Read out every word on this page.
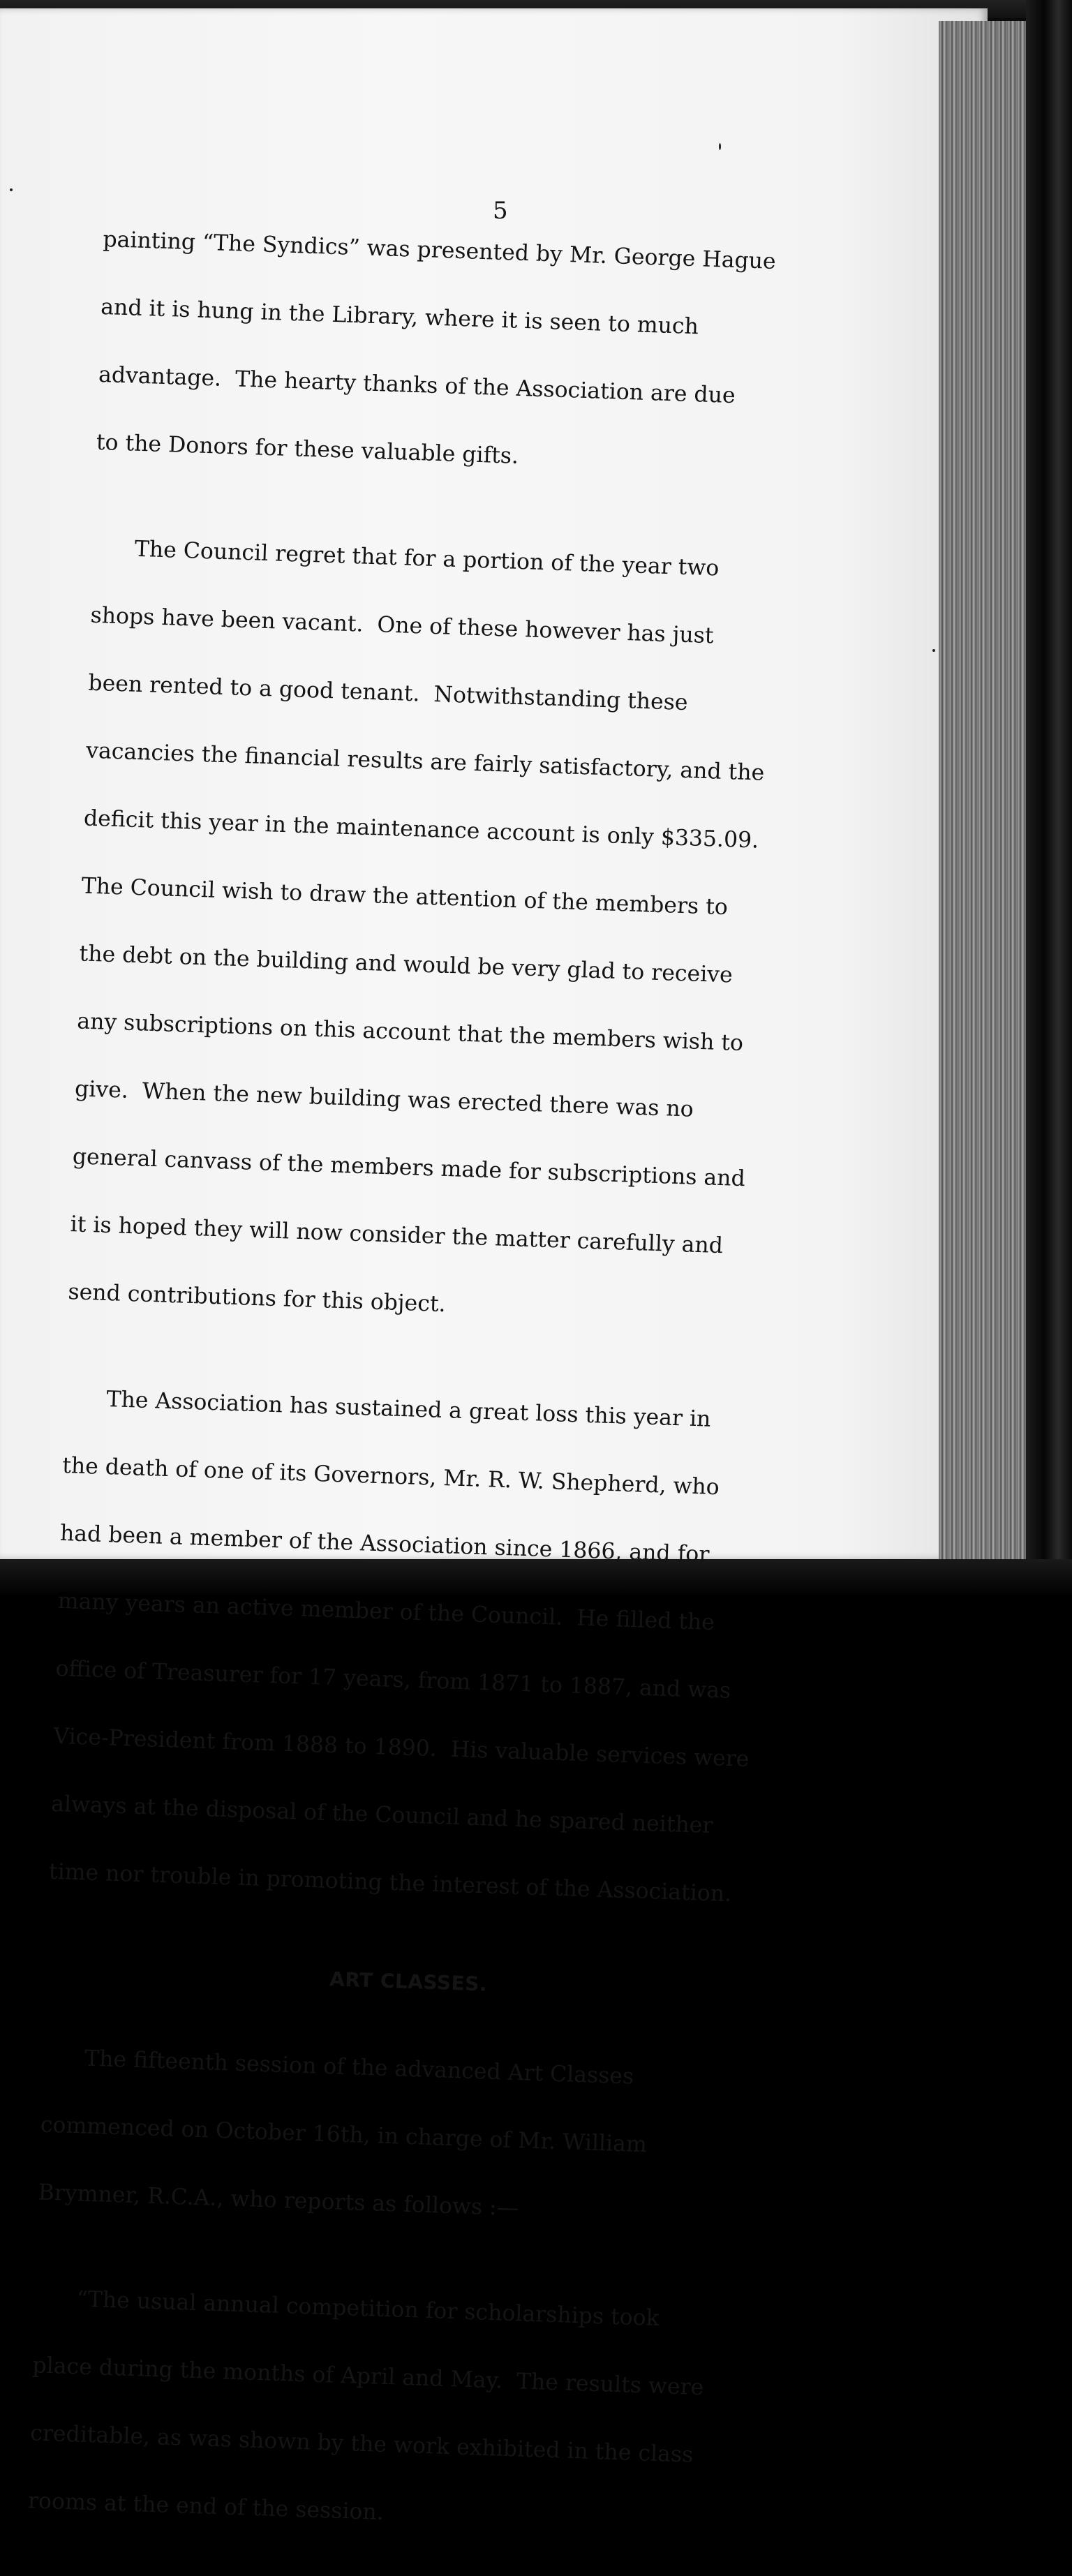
5

painting “The Syndics” was presented by Mr. George Hague

and it is hung in the Library, where it is seen to much

advantage.  The hearty thanks of the Association are due

to the Donors for these valuable gifts.

The Council regret that for a portion of the year two

shops have been vacant.  One of these however has just

been rented to a good tenant.  Notwithstanding these

vacancies the financial results are fairly satisfactory, and the

deficit this year in the maintenance account is only $335.09.

The Council wish to draw the attention of the members to

the debt on the building and would be very glad to receive

any subscriptions on this account that the members wish to

give.  When the new building was erected there was no

general canvass of the members made for subscriptions and

it is hoped they will now consider the matter carefully and

send contributions for this object.

The Association has sustained a great loss this year in

the death of one of its Governors, Mr. R. W. Shepherd, who

had been a member of the Association since 1866, and for

many years an active member of the Council.  He filled the

office of Treasurer for 17 years, from 1871 to 1887, and was

Vice-President from 1888 to 1890.  His valuable services were

always at the disposal of the Council and he spared neither

time nor trouble in promoting the interest of the Association.

ART CLASSES.

The fifteenth session of the advanced Art Classes

commenced on October 16th, in charge of Mr. William

Brymner, R.C.A., who reports as follows :—

“The usual annual competition for scholarships took

place during the months of April and May.  The results were

creditable, as was shown by the work exhibited in the class

rooms at the end of the session.
